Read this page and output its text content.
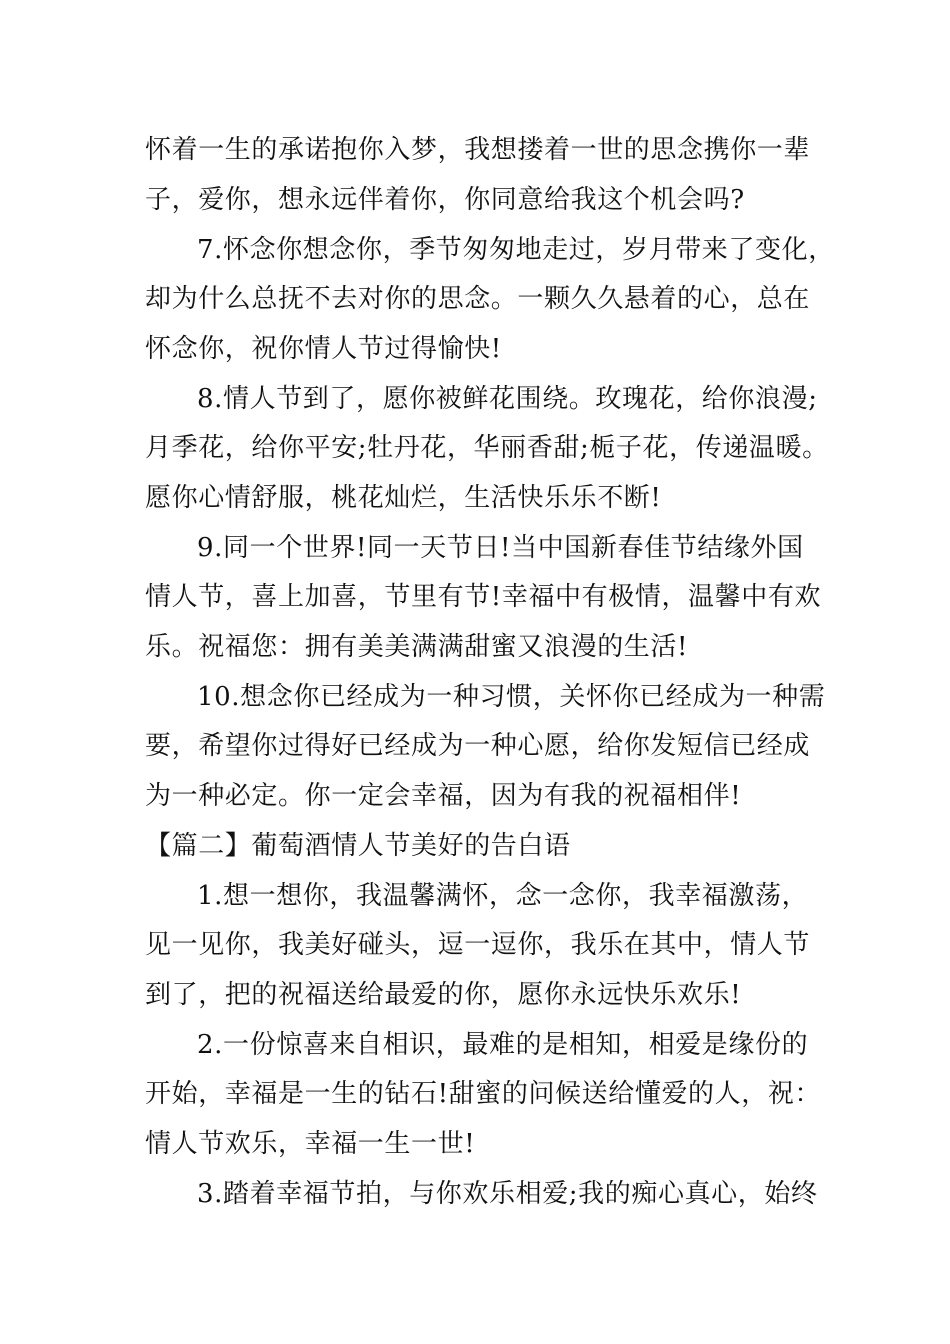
怀着一生的承诺抱你入梦，我想搂着一世的思念携你一辈
子，爱你，想永远伴着你，你同意给我这个机会吗?
7.怀念你想念你，季节匆匆地走过，岁月带来了变化，
却为什么总抚不去对你的思念。一颗久久悬着的心，总在
怀念你，祝你情人节过得愉快!
8.情人节到了，愿你被鲜花围绕。玫瑰花，给你浪漫;
月季花，给你平安;牡丹花，华丽香甜;栀子花，传递温暖。
愿你心情舒服，桃花灿烂，生活快乐乐不断!
9.同一个世界!同一天节日!当中国新春佳节结缘外国
情人节，喜上加喜，节里有节!幸福中有极情，温馨中有欢
乐。祝福您：拥有美美满满甜蜜又浪漫的生活!
10.想念你已经成为一种习惯，关怀你已经成为一种需
要，希望你过得好已经成为一种心愿，给你发短信已经成
为一种必定。你一定会幸福，因为有我的祝福相伴!
【篇二】葡萄酒情人节美好的告白语
1.想一想你，我温馨满怀，念一念你，我幸福激荡，
见一见你，我美好碰头，逗一逗你，我乐在其中，情人节
到了，把的祝福送给最爱的你，愿你永远快乐欢乐!
2.一份惊喜来自相识，最难的是相知，相爱是缘份的
开始，幸福是一生的钻石!甜蜜的问候送给懂爱的人，祝：
情人节欢乐，幸福一生一世!
3.踏着幸福节拍，与你欢乐相爱;我的痴心真心，始终
